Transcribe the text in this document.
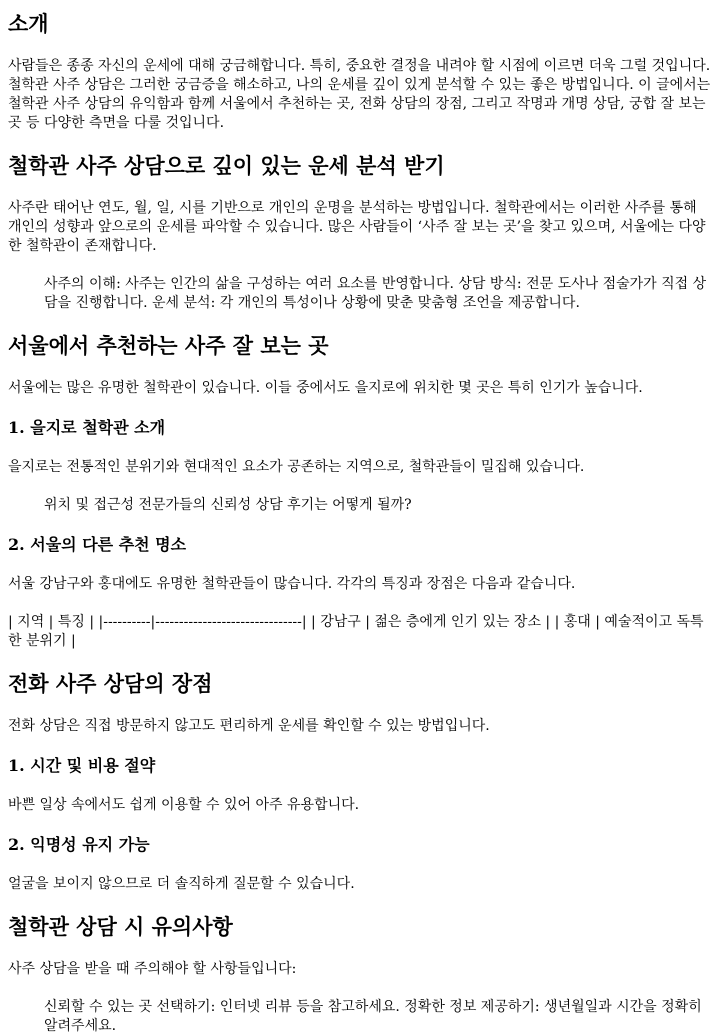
소개

사람들은 종종 자신의 운세에 대해 궁금해합니다. 특히, 중요한 결정을 내려야 할 시점에 이르면 더욱 그럴 것입니다. 철학관 사주 상담은 그러한 궁금증을 해소하고, 나의 운세를 깊이 있게 분석할 수 있는 좋은 방법입니다. 이 글에서는 철학관 사주 상담의 유익함과 함께 서울에서 추천하는 곳, 전화 상담의 장점, 그리고 작명과 개명 상담, 궁합 잘 보는 곳 등 다양한 측면을 다룰 것입니다.

철학관 사주 상담으로 깊이 있는 운세 분석 받기

사주란 태어난 연도, 월, 일, 시를 기반으로 개인의 운명을 분석하는 방법입니다. 철학관에서는 이러한 사주를 통해 개인의 성향과 앞으로의 운세를 파악할 수 있습니다. 많은 사람들이 ‘사주 잘 보는 곳’을 찾고 있으며, 서울에는 다양한 철학관이 존재합니다.

사주의 이해: 사주는 인간의 삶을 구성하는 여러 요소를 반영합니다. 상담 방식: 전문 도사나 점술가가 직접 상담을 진행합니다. 운세 분석: 각 개인의 특성이나 상황에 맞춘 맞춤형 조언을 제공합니다.

서울에서 추천하는 사주 잘 보는 곳

서울에는 많은 유명한 철학관이 있습니다. 이들 중에서도 을지로에 위치한 몇 곳은 특히 인기가 높습니다.

1. 을지로 철학관 소개

을지로는 전통적인 분위기와 현대적인 요소가 공존하는 지역으로, 철학관들이 밀집해 있습니다.

위치 및 접근성 전문가들의 신뢰성 상담 후기는 어떻게 될까?

2. 서울의 다른 추천 명소

서울 강남구와 홍대에도 유명한 철학관들이 많습니다. 각각의 특징과 장점은 다음과 같습니다.

| 지역 | 특징 | |----------|-------------------------------| | 강남구 | 젊은 층에게 인기 있는 장소 | | 홍대 | 예술적이고 독특한 분위기 |

전화 사주 상담의 장점

전화 상담은 직접 방문하지 않고도 편리하게 운세를 확인할 수 있는 방법입니다.

1. 시간 및 비용 절약

바쁜 일상 속에서도 쉽게 이용할 수 있어 아주 유용합니다.

2. 익명성 유지 가능

얼굴을 보이지 않으므로 더 솔직하게 질문할 수 있습니다.

철학관 상담 시 유의사항

사주 상담을 받을 때 주의해야 할 사항들입니다:

신뢰할 수 있는 곳 선택하기: 인터넷 리뷰 등을 참고하세요. 정확한 정보 제공하기: 생년월일과 시간을 정확히 알려주세요.
